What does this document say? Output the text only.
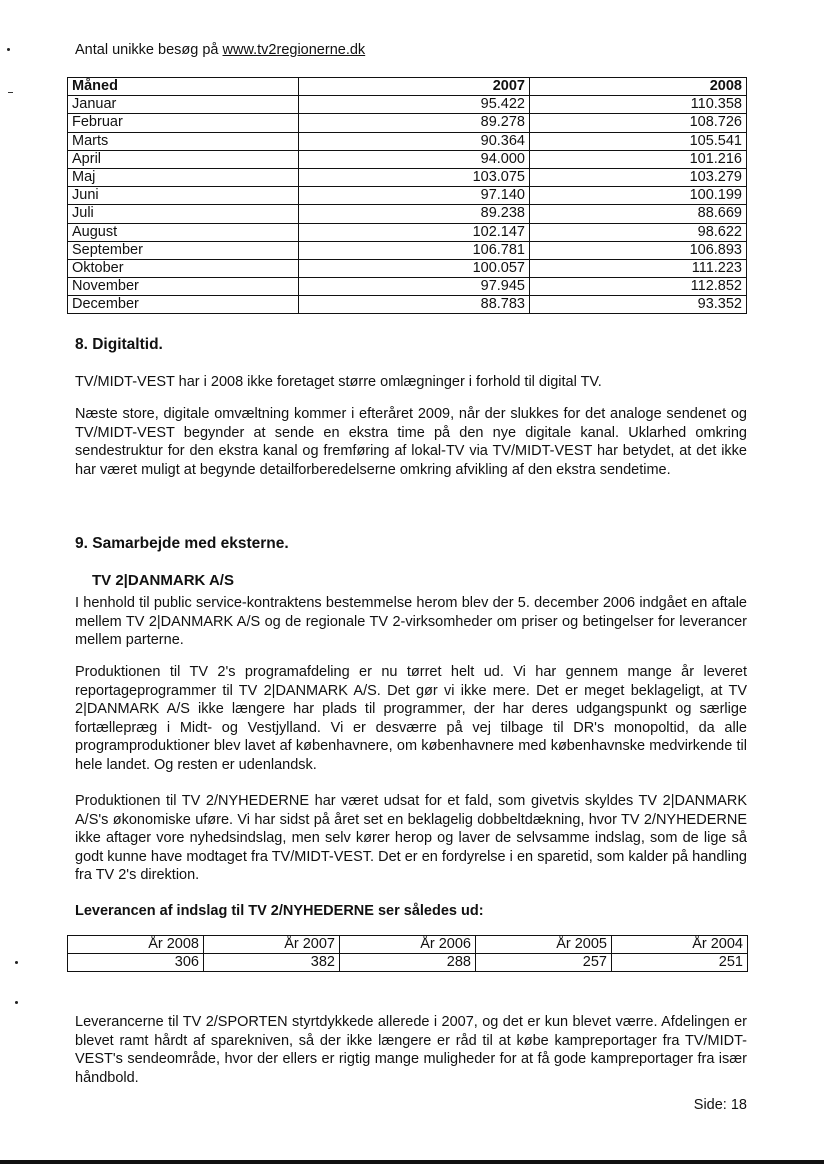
Antal unikke besøg på www.tv2regionerne.dk
Måned	2007	2008
Januar	95.422	110.358
Februar	89.278	108.726
Marts	90.364	105.541
April	94.000	101.216
Maj	103.075	103.279
Juni	97.140	100.199
Juli	89.238	88.669
August	102.147	98.622
September	106.781	106.893
Oktober	100.057	111.223
November	97.945	112.852
December	88.783	93.352
8. Digitaltid.

TV/MIDT-VEST har i 2008 ikke foretaget større omlægninger i forhold til digital TV.

Næste store, digitale omvæltning kommer i efteråret 2009, når der slukkes for det analoge sendenet og TV/MIDT-VEST begynder at sende en ekstra time på den nye digitale kanal. Uklarhed omkring sendestruktur for den ekstra kanal og fremføring af lokal-TV via TV/MIDT-VEST har betydet, at det ikke har været muligt at begynde detailforberedelserne omkring afvikling af den ekstra sendetime.

9. Samarbejde med eksterne.
TV 2|DANMARK A/S

I henhold til public service-kontraktens bestemmelse herom blev der 5. december 2006 indgået en aftale mellem TV 2|DANMARK A/S og de regionale TV 2-virksomheder om priser og betingelser for leverancer mellem parterne.

Produktionen til TV 2's programafdeling er nu tørret helt ud. Vi har gennem mange år leveret reportageprogrammer til TV 2|DANMARK A/S. Det gør vi ikke mere. Det er meget beklageligt, at TV 2|DANMARK A/S ikke længere har plads til programmer, der har deres udgangspunkt og særlige fortællepræg i Midt- og Vestjylland. Vi er desværre på vej tilbage til DR's monopoltid, da alle programproduktioner blev lavet af københavnere, om københavnere med københavnske medvirkende til hele landet. Og resten er udenlandsk.

Produktionen til TV 2/NYHEDERNE har været udsat for et fald, som givetvis skyldes TV 2|DANMARK A/S's økonomiske uføre. Vi har sidst på året set en beklagelig dobbeltdækning, hvor TV 2/NYHEDERNE ikke aftager vore nyhedsindslag, men selv kører herop og laver de selvsamme indslag, som de lige så godt kunne have modtaget fra TV/MIDT-VEST. Det er en fordyrelse i en sparetid, som kalder på handling fra TV 2's direktion.

Leverancen af indslag til TV 2/NYHEDERNE ser således ud:
År 2008	År 2007	År 2006	År 2005	År 2004
306	382	288	257	251

Leverancerne til TV 2/SPORTEN styrtdykkede allerede i 2007, og det er kun blevet værre. Afdelingen er blevet ramt hårdt af sparekniven, så der ikke længere er råd til at købe kampreportager fra TV/MIDT-VEST's sendeområde, hvor der ellers er rigtig mange muligheder for at få gode kampreportager fra især håndbold.

Side: 18
